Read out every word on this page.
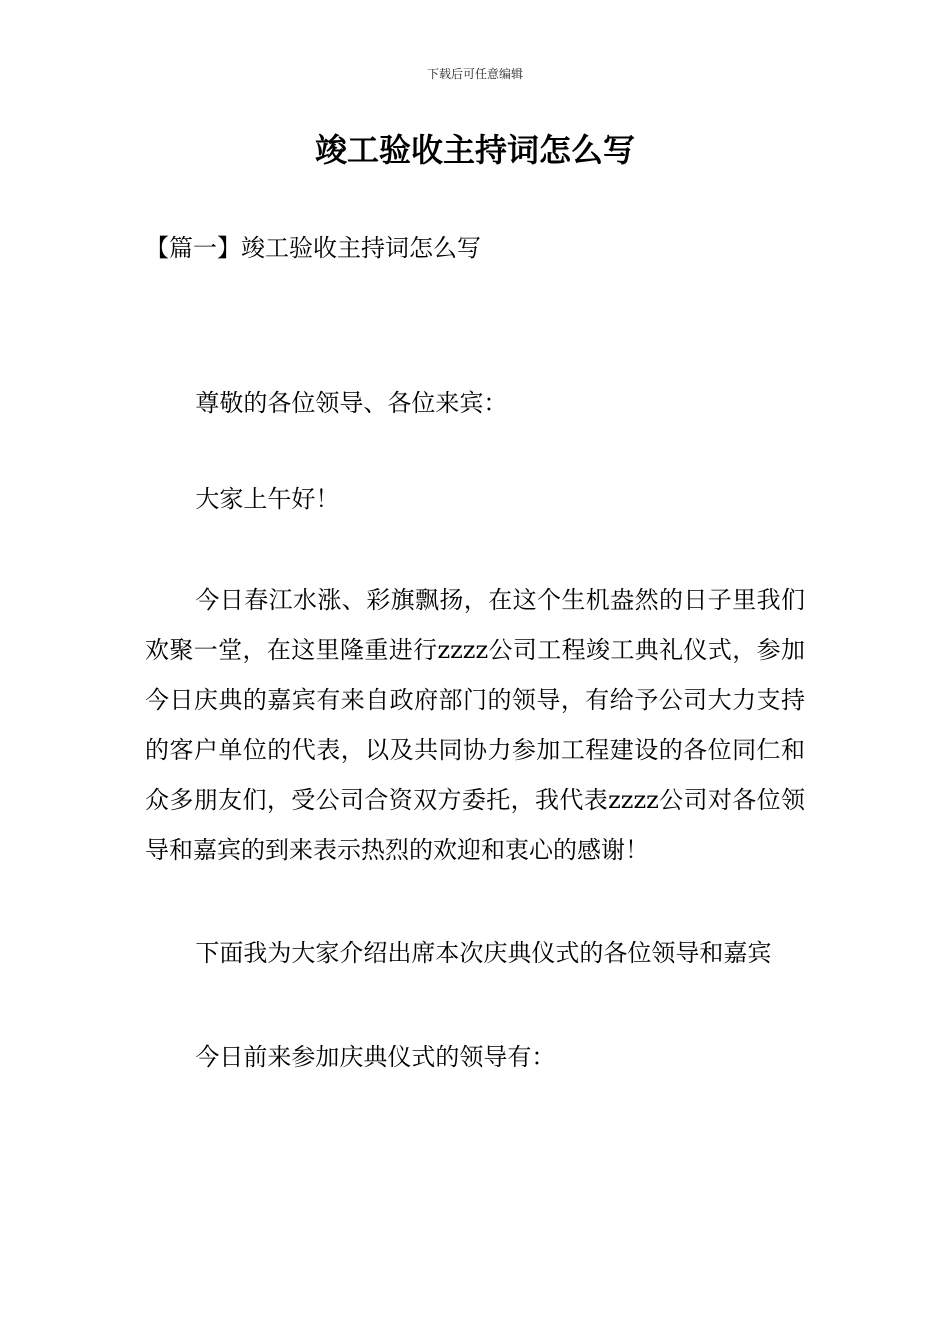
下载后可任意编辑
竣工验收主持词怎么写
【篇一】竣工验收主持词怎么写

尊敬的各位领导、各位来宾：

大家上午好！

今日春江水涨、彩旗飘扬，在这个生机盎然的日子里我们欢聚一堂，在这里隆重进行zzzz公司工程竣工典礼仪式，参加今日庆典的嘉宾有来自政府部门的领导，有给予公司大力支持的客户单位的代表，以及共同协力参加工程建设的各位同仁和众多朋友们，受公司合资双方委托，我代表zzzz公司对各位领导和嘉宾的到来表示热烈的欢迎和衷心的感谢！

下面我为大家介绍出席本次庆典仪式的各位领导和嘉宾

今日前来参加庆典仪式的领导有：
